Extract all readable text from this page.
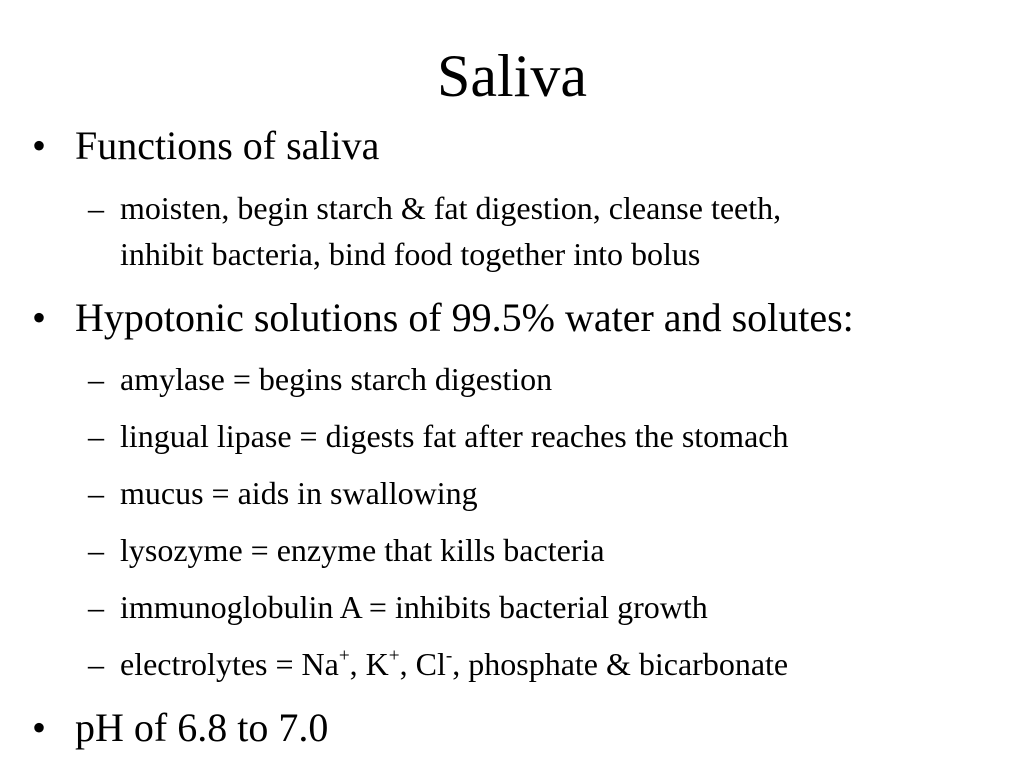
Saliva
• Functions of saliva
– moisten, begin starch & fat digestion, cleanse teeth,
inhibit bacteria, bind food together into bolus
• Hypotonic solutions of 99.5% water and solutes:
– amylase = begins starch digestion
– lingual lipase = digests fat after reaches the stomach
– mucus = aids in swallowing
– lysozyme = enzyme that kills bacteria
– immunoglobulin A = inhibits bacterial growth
– electrolytes = Na+, K+, Cl-, phosphate & bicarbonate
• pH of 6.8 to 7.0
